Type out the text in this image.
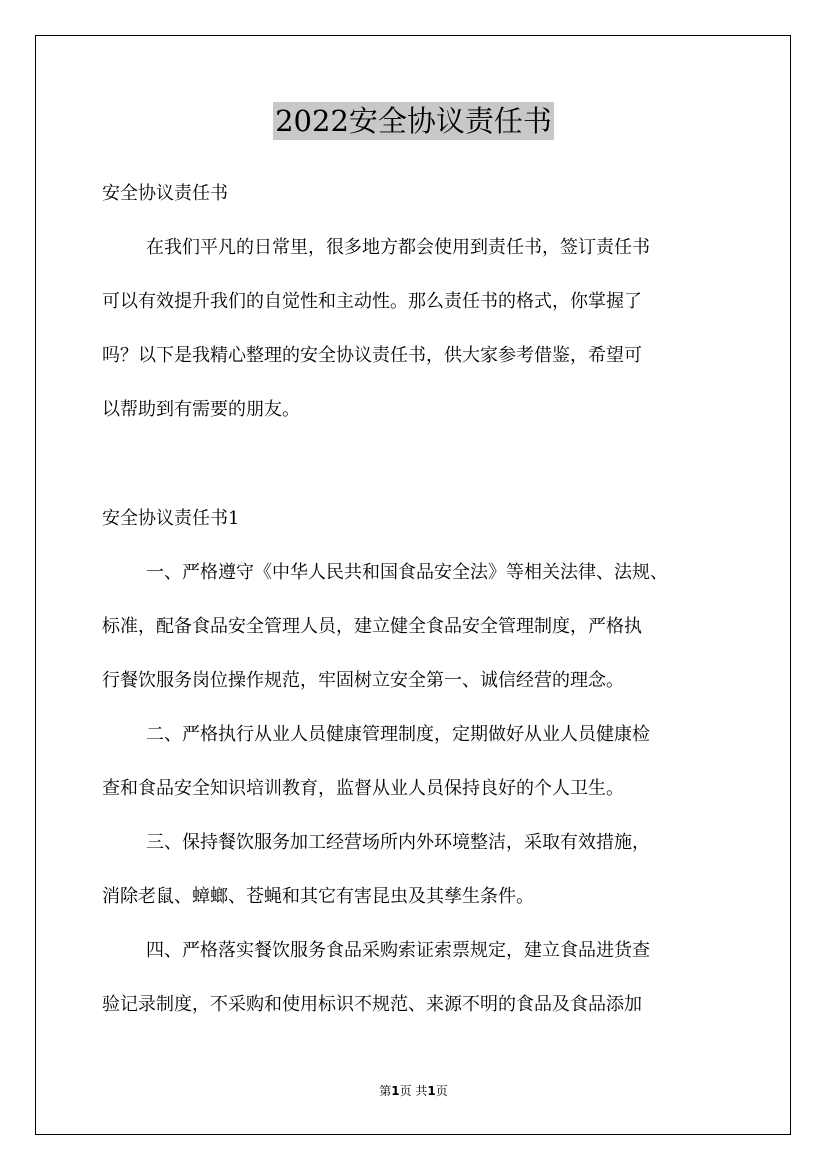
2022安全协议责任书
安全协议责任书
在我们平凡的日常里，很多地方都会使用到责任书，签订责任书
可以有效提升我们的自觉性和主动性。那么责任书的格式，你掌握了
吗？以下是我精心整理的安全协议责任书，供大家参考借鉴，希望可
以帮助到有需要的朋友。
安全协议责任书1
一、严格遵守《中华人民共和国食品安全法》等相关法律、法规、
标准，配备食品安全管理人员，建立健全食品安全管理制度，严格执
行餐饮服务岗位操作规范，牢固树立安全第一、诚信经营的理念。
二、严格执行从业人员健康管理制度，定期做好从业人员健康检
查和食品安全知识培训教育，监督从业人员保持良好的个人卫生。
三、保持餐饮服务加工经营场所内外环境整洁，采取有效措施，
消除老鼠、蟑螂、苍蝇和其它有害昆虫及其孳生条件。
四、严格落实餐饮服务食品采购索证索票规定，建立食品进货查
验记录制度，不采购和使用标识不规范、来源不明的食品及食品添加
第1页 共1页
